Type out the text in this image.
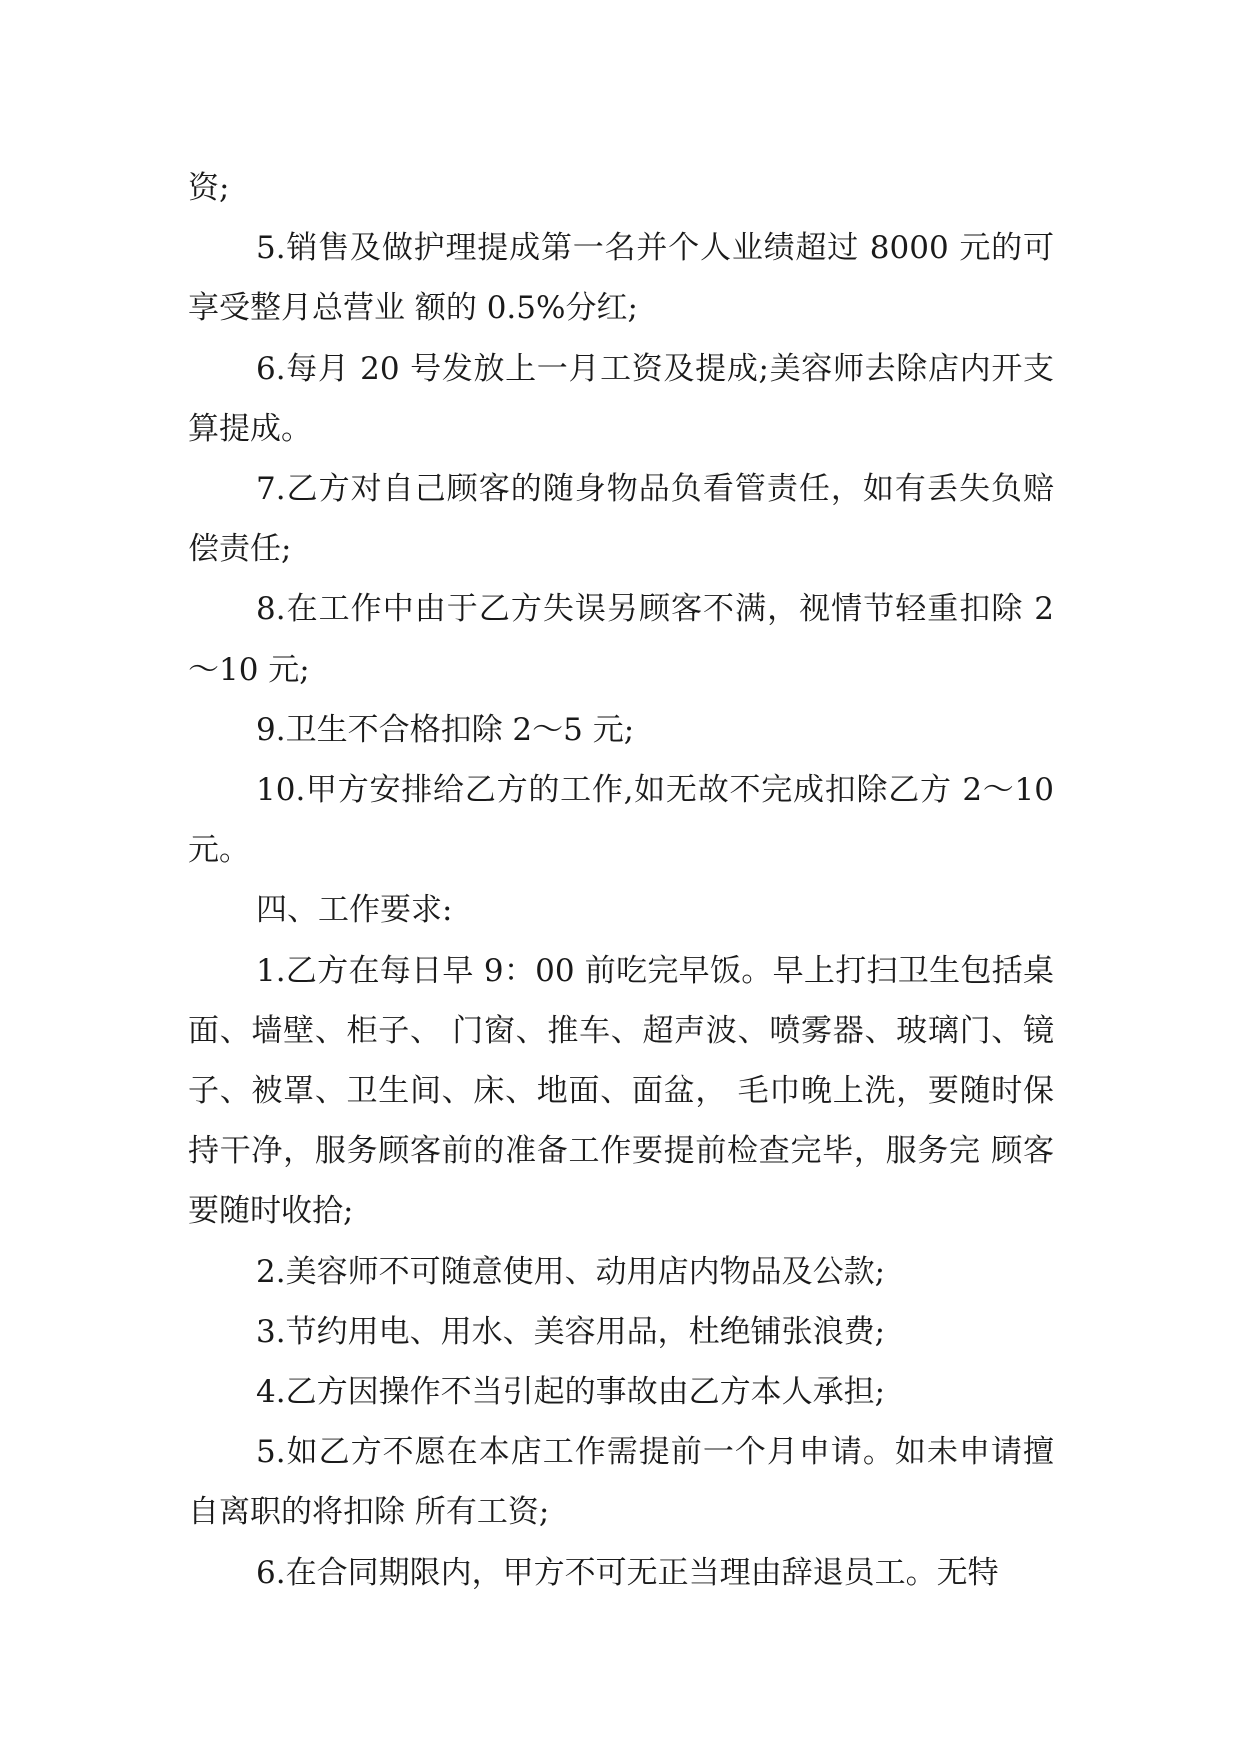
资;

5.销售及做护理提成第一名并个人业绩超过 8000 元的可享受整月总营业 额的 0.5%分红;

6.每月 20 号发放上一月工资及提成;美容师去除店内开支算提成。

7.乙方对自己顾客的随身物品负看管责任，如有丢失负赔偿责任;

8.在工作中由于乙方失误另顾客不满，视情节轻重扣除 2～10 元;

9.卫生不合格扣除 2～5 元;

10.甲方安排给乙方的工作,如无故不完成扣除乙方 2～10 元。

四、工作要求:

1.乙方在每日早 9：00 前吃完早饭。早上打扫卫生包括桌面、墙壁、柜子、 门窗、推车、超声波、喷雾器、玻璃门、镜子、被罩、卫生间、床、地面、面盆， 毛巾晚上洗，要随时保持干净，服务顾客前的准备工作要提前检查完毕，服务完 顾客要随时收拾;

2.美容师不可随意使用、动用店内物品及公款;

3.节约用电、用水、美容用品，杜绝铺张浪费;

4.乙方因操作不当引起的事故由乙方本人承担;

5.如乙方不愿在本店工作需提前一个月申请。如未申请擅自离职的将扣除 所有工资;

6.在合同期限内，甲方不可无正当理由辞退员工。无特
